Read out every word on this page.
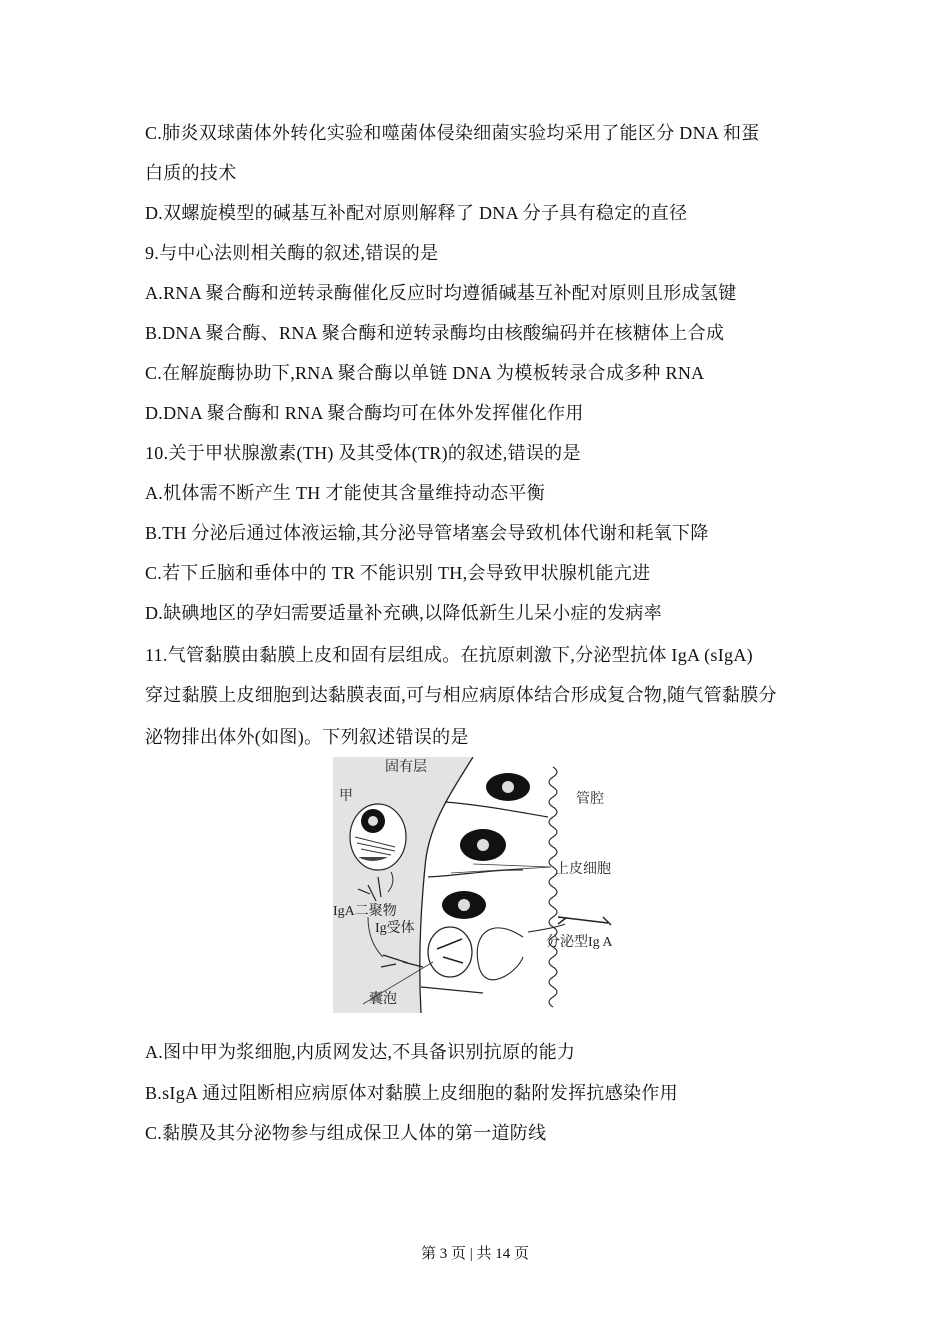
C.肺炎双球菌体外转化实验和噬菌体侵染细菌实验均采用了能区分 DNA 和蛋
白质的技术
D.双螺旋模型的碱基互补配对原则解释了 DNA 分子具有稳定的直径
9.与中心法则相关酶的叙述,错误的是
A.RNA 聚合酶和逆转录酶催化反应时均遵循碱基互补配对原则且形成氢键
B.DNA 聚合酶、RNA 聚合酶和逆转录酶均由核酸编码并在核糖体上合成
C.在解旋酶协助下,RNA 聚合酶以单链 DNA 为模板转录合成多种 RNA
D.DNA 聚合酶和 RNA 聚合酶均可在体外发挥催化作用
10.关于甲状腺激素(TH) 及其受体(TR)的叙述,错误的是
A.机体需不断产生 TH 才能使其含量维持动态平衡
B.TH 分泌后通过体液运输,其分泌导管堵塞会导致机体代谢和耗氧下降
C.若下丘脑和垂体中的 TR 不能识别 TH,会导致甲状腺机能亢进
D.缺碘地区的孕妇需要适量补充碘,以降低新生儿呆小症的发病率
11.气管黏膜由黏膜上皮和固有层组成。在抗原刺激下,分泌型抗体 IgA (sIgA)
穿过黏膜上皮细胞到达黏膜表面,可与相应病原体结合形成复合物,随气管黏膜分
泌物排出体外(如图)。下列叙述错误的是
固有层
甲	管腔
上皮细胞
IgA二聚物
Ig受体
分泌型Ig A
囊泡
A.图中甲为浆细胞,内质网发达,不具备识别抗原的能力
B.sIgA 通过阻断相应病原体对黏膜上皮细胞的黏附发挥抗感染作用
C.黏膜及其分泌物参与组成保卫人体的第一道防线
第 3 页 | 共 14 页
